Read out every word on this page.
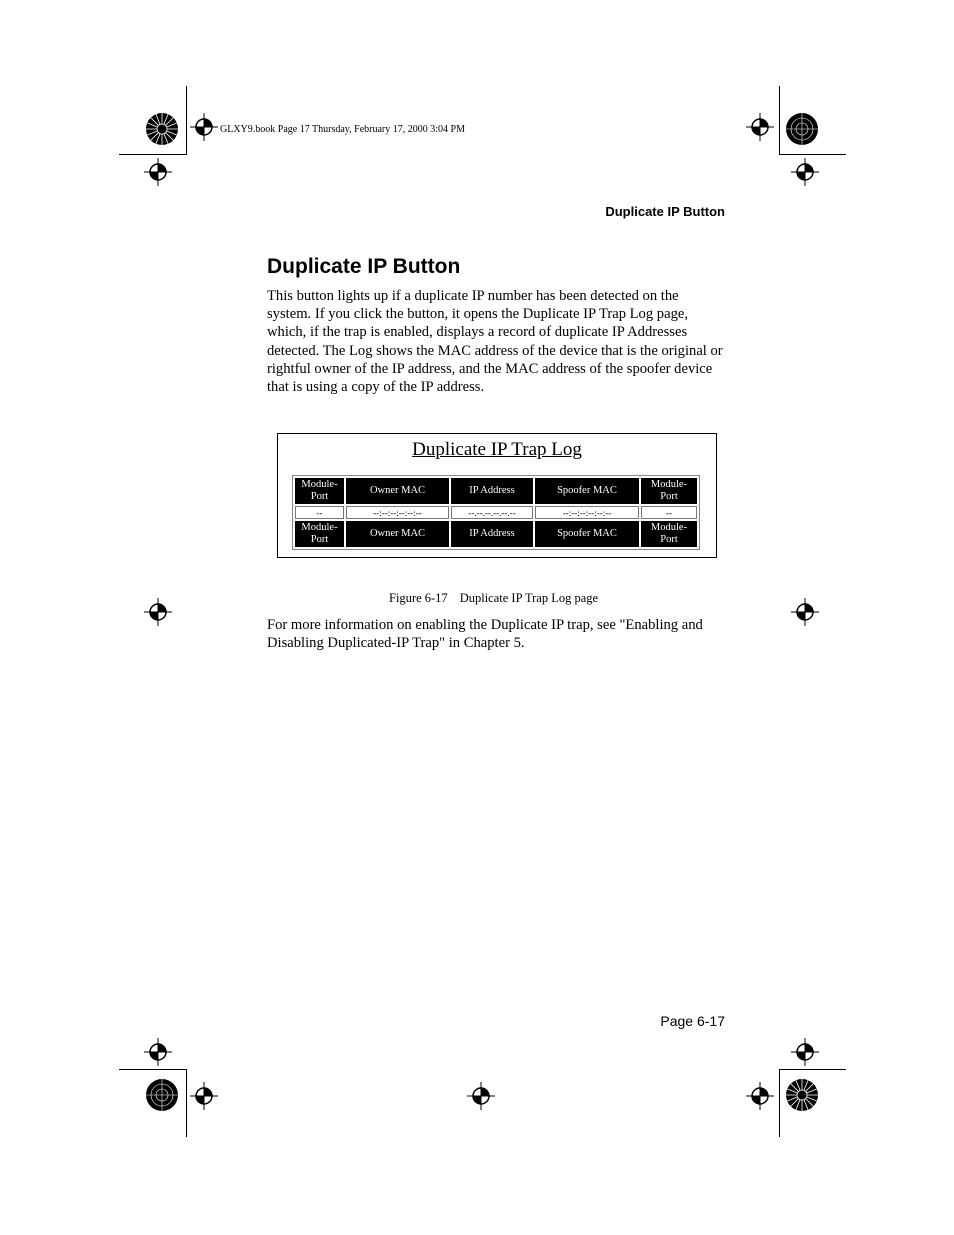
GLXY9.book Page 17 Thursday, February 17, 2000 3:04 PM
Duplicate IP Button
Duplicate IP Button

This button lights up if a duplicate IP number has been detected on the system. If you click the button, it opens the Duplicate IP Trap Log page, which, if the trap is enabled, displays a record of duplicate IP Addresses detected. The Log shows the MAC address of the device that is the original or rightful owner of the IP address, and the MAC address of the spoofer device that is using a copy of the IP address.

Duplicate IP Trap Log
Module-
Port	Owner MAC	IP Address	Spoofer MAC	Module-
Port
--	--:--:--:--:--:--	--.--.--.--.--.--	--:--:--:--:--:--	--
Module-
Port	Owner MAC	IP Address	Spoofer MAC	Module-
Port
Figure 6-17 Duplicate IP Trap Log page

For more information on enabling the Duplicate IP trap, see "Enabling and Disabling Duplicated-IP Trap" in Chapter 5.

Page 6-17
